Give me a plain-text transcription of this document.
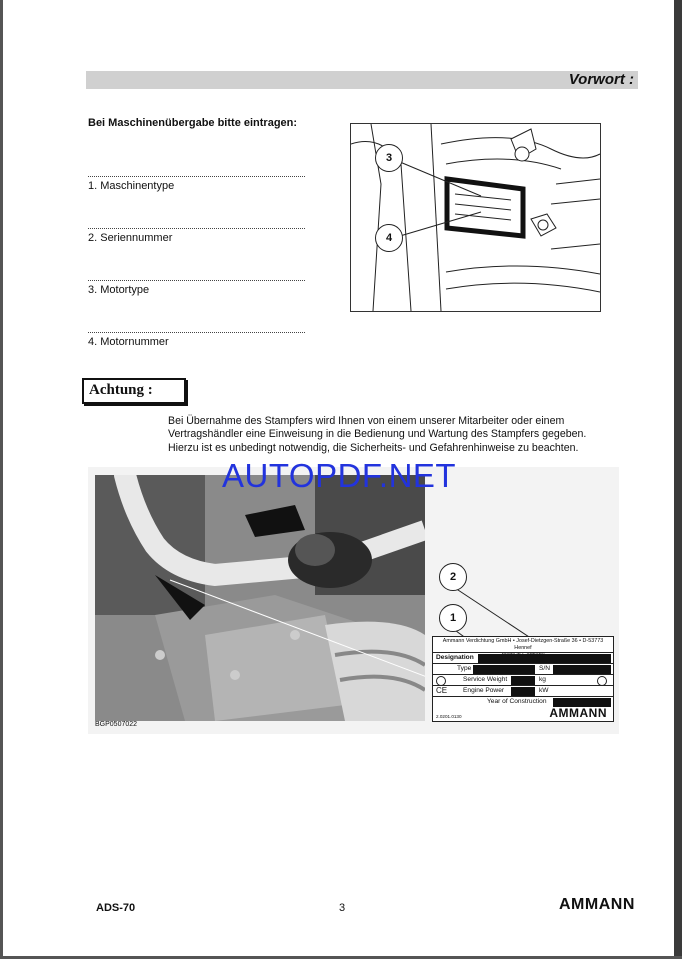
Vorwort :
Bei Maschinenübergabe bitte eintragen:
1. Maschinentype
2. Seriennummer
3. Motortype
4. Motornummer
3
4
Achtung :
Bei Übernahme des Stampfers wird Ihnen von einem unserer Mitarbeiter oder einem
Vertragshändler eine Einweisung in die Bedienung und Wartung des Stampfers gegeben.
Hierzu ist es unbedingt notwendig, die Sicherheits- und Gefahrenhinweise zu beachten.
BGP0507022
2
1
Ammann Verdichtung GmbH • Josef-Dietzgen-Straße 36 • D-53773 Hennef
Designation
Type	S/N
Service Weight	kg
CE Engine Power	kW
Year of Construction
2.0201.0130	AMMANN
AUTOPDF.NET
ADS-70	3	AMMANN
